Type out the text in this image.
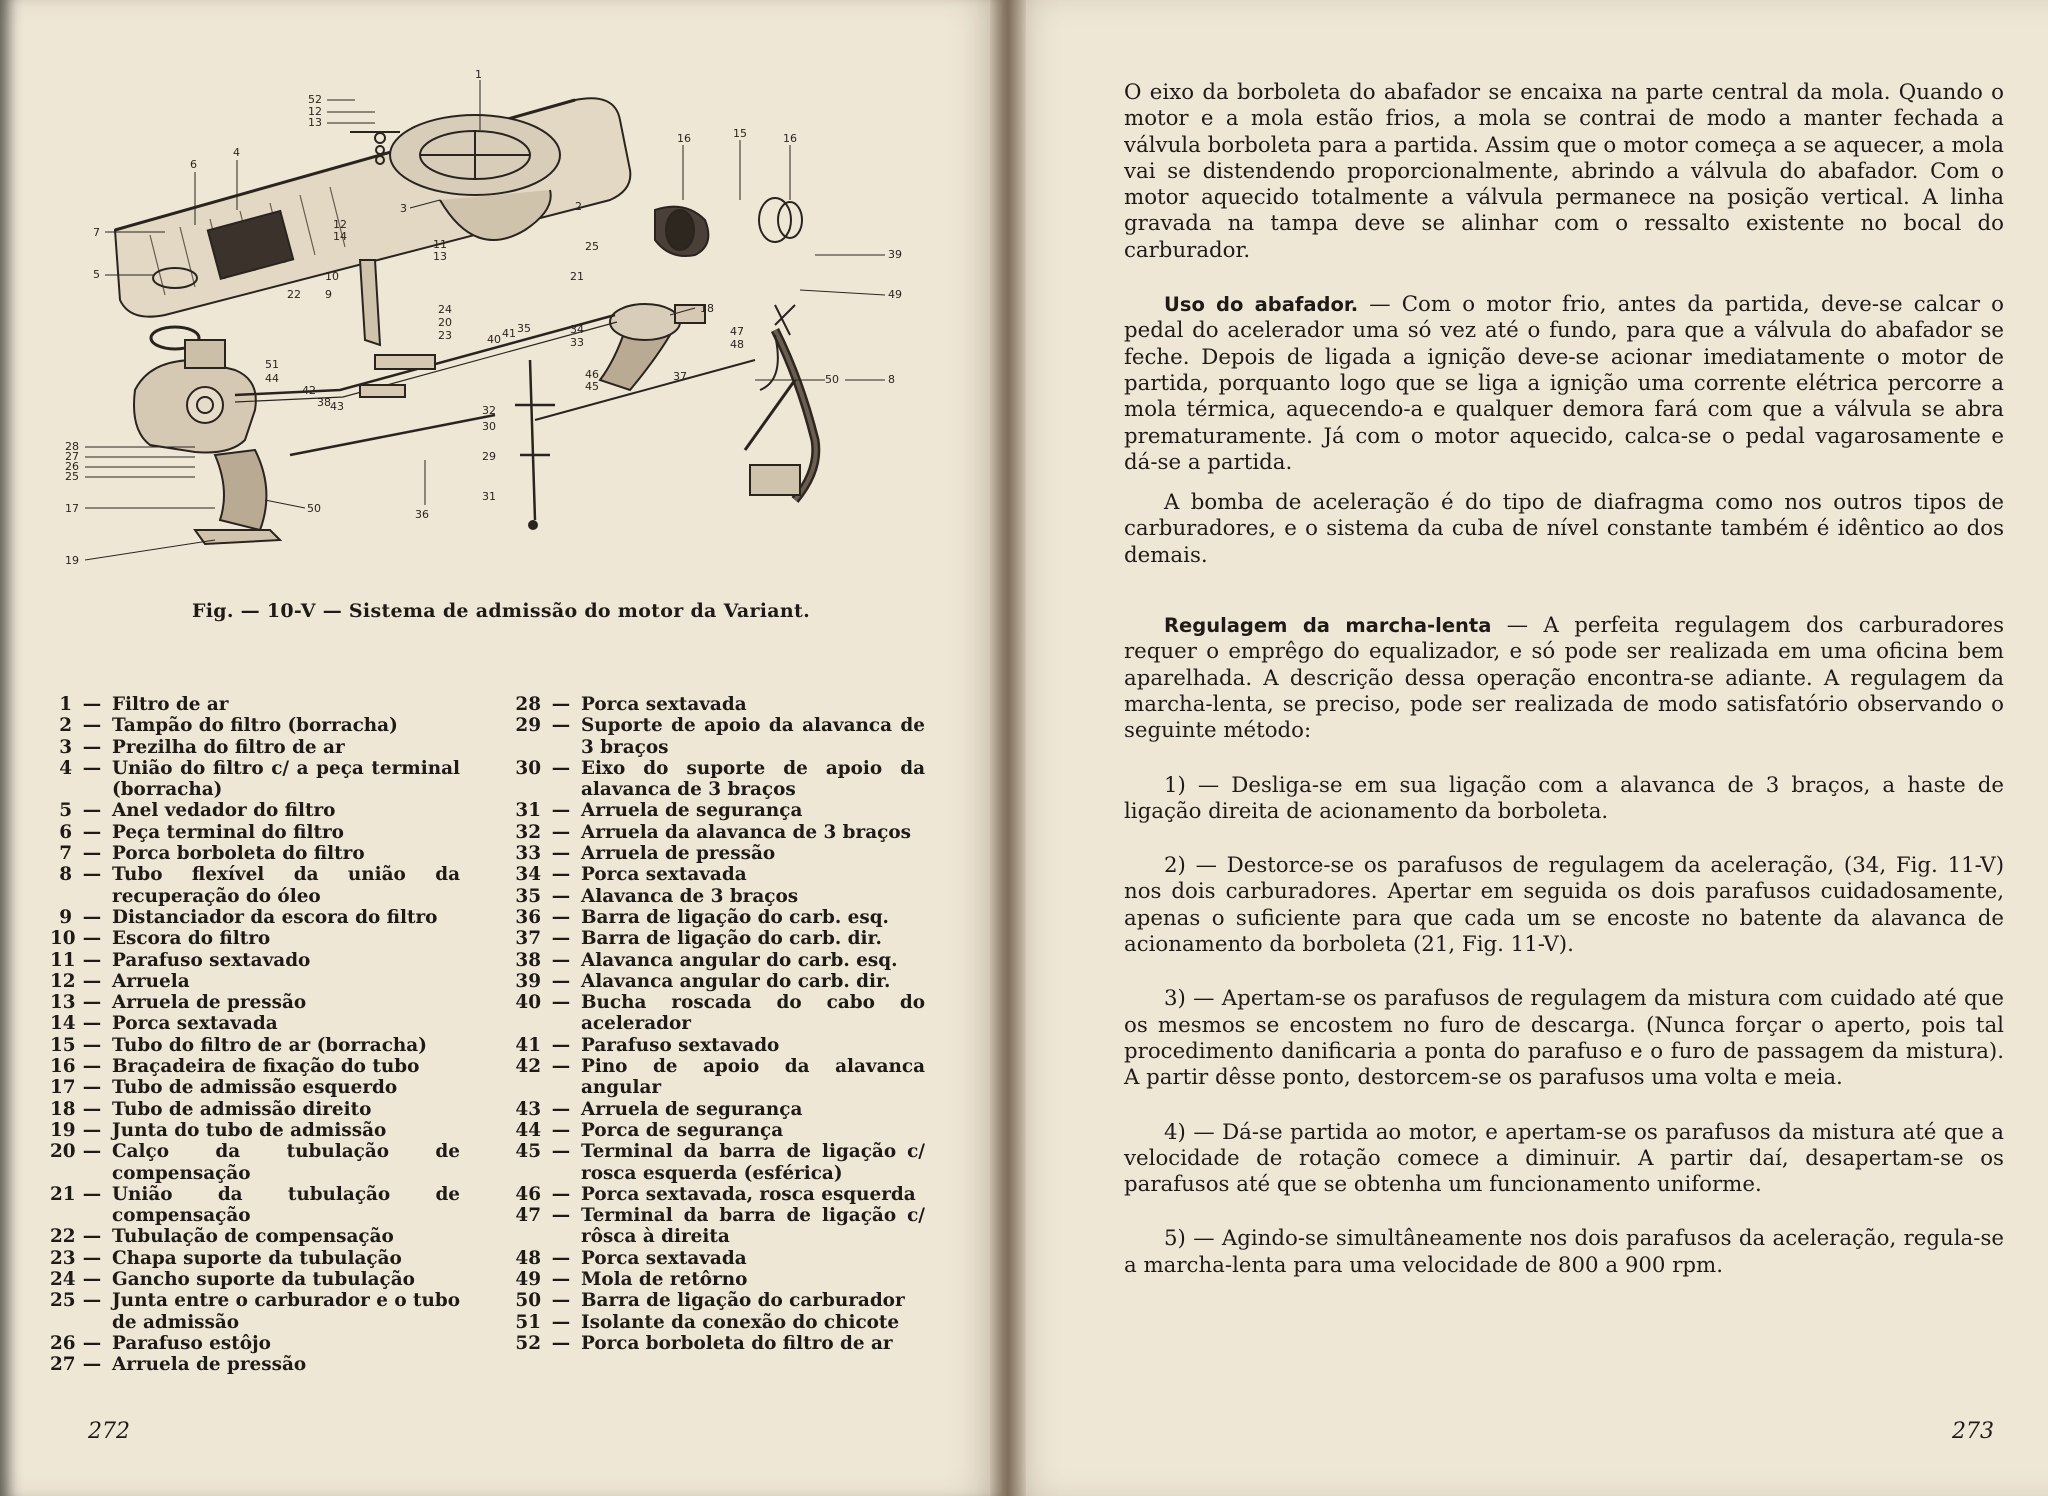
52
12
13
1
6
4
16	15	16
7
2
3
12
14
11
13	39
5	10
9
25
21
49
18
22
24
20
23	40 41 35	34
33
47
48
8
51
44
42
38
28
27
26
25
43
46
45
37	50
32
30
17	50	36
29
19
31
Fig. — 10-V — Sistema de admissão do motor da Variant.
1 — Filtro de ar
2 — Tampão do filtro (borracha)
3 — Prezilha do filtro de ar
4 — União do filtro c/ a peça terminal (borracha)
5 — Anel vedador do filtro
6 — Peça terminal do filtro
7 — Porca borboleta do filtro
8 — Tubo flexível da união da recuperação do óleo
9 — Distanciador da escora do filtro
10 — Escora do filtro
11 — Parafuso sextavado
12 — Arruela
13 — Arruela de pressão
14 — Porca sextavada
15 — Tubo do filtro de ar (borracha)
16 — Braçadeira de fixação do tubo
17 — Tubo de admissão esquerdo
18 — Tubo de admissão direito
19 — Junta do tubo de admissão
20 — Calço da tubulação de compensação
21 — União da tubulação de compensação
22 — Tubulação de compensação
23 — Chapa suporte da tubulação
24 — Gancho suporte da tubulação
25 — Junta entre o carburador e o tubo de admissão
26 — Parafuso estôjo
27 — Arruela de pressão
28 — Porca sextavada
29 — Suporte de apoio da alavanca de 3 braços
30 — Eixo do suporte de apoio da alavanca de 3 braços
31 — Arruela de segurança
32 — Arruela da alavanca de 3 braços
33 — Arruela de pressão
34 — Porca sextavada
35 — Alavanca de 3 braços
36 — Barra de ligação do carb. esq.
37 — Barra de ligação do carb. dir.
38 — Alavanca angular do carb. esq.
39 — Alavanca angular do carb. dir.
40 — Bucha roscada do cabo do acelerador
41 — Parafuso sextavado
42 — Pino de apoio da alavanca angular
43 — Arruela de segurança
44 — Porca de segurança
45 — Terminal da barra de ligação c/ rosca esquerda (esférica)
46 — Porca sextavada, rosca esquerda
47 — Terminal da barra de ligação c/ rôsca à direita
48 — Porca sextavada
49 — Mola de retôrno
50 — Barra de ligação do carburador
51 — Isolante da conexão do chicote
52 — Porca borboleta do filtro de ar
272

O eixo da borboleta do abafador se encaixa na parte central da mola. Quando o motor e a mola estão frios, a mola se contrai de modo a manter fechada a válvula borboleta para a partida. Assim que o motor começa a se aquecer, a mola vai se distendendo proporcionalmente, abrindo a válvula do abafador. Com o motor aquecido totalmente a válvula permanece na posição vertical. A linha gravada na tampa deve se alinhar com o ressalto existente no bocal do carburador.

Uso do abafador. — Com o motor frio, antes da partida, deve-se calcar o pedal do acelerador uma só vez até o fundo, para que a válvula do abafador se feche. Depois de ligada a ignição deve-se acionar imediatamente o motor de partida, porquanto logo que se liga a ignição uma corrente elétrica percorre a mola térmica, aquecendo-a e qualquer demora fará com que a válvula se abra prematuramente. Já com o motor aquecido, calca-se o pedal vagarosamente e dá-se a partida.

A bomba de aceleração é do tipo de diafragma como nos outros tipos de carburadores, e o sistema da cuba de nível constante também é idêntico ao dos demais.

Regulagem da marcha-lenta — A perfeita regulagem dos carburadores requer o emprêgo do equalizador, e só pode ser realizada em uma oficina bem aparelhada. A descrição dessa operação encontra-se adiante. A regulagem da marcha-lenta, se preciso, pode ser realizada de modo satisfatório observando o seguinte método:

1) — Desliga-se em sua ligação com a alavanca de 3 braços, a haste de ligação direita de acionamento da borboleta.

2) — Destorce-se os parafusos de regulagem da aceleração, (34, Fig. 11-V) nos dois carburadores. Apertar em seguida os dois parafusos cuidadosamente, apenas o suficiente para que cada um se encoste no batente da alavanca de acionamento da borboleta (21, Fig. 11-V).

3) — Apertam-se os parafusos de regulagem da mistura com cuidado até que os mesmos se encostem no furo de descarga. (Nunca forçar o aperto, pois tal procedimento danificaria a ponta do parafuso e o furo de passagem da mistura). A partir dêsse ponto, destorcem-se os parafusos uma volta e meia.

4) — Dá-se partida ao motor, e apertam-se os parafusos da mistura até que a velocidade de rotação comece a diminuir. A partir daí, desapertam-se os parafusos até que se obtenha um funcionamento uniforme.

5) — Agindo-se simultâneamente nos dois parafusos da aceleração, regula-se a marcha-lenta para uma velocidade de 800 a 900 rpm.

273
